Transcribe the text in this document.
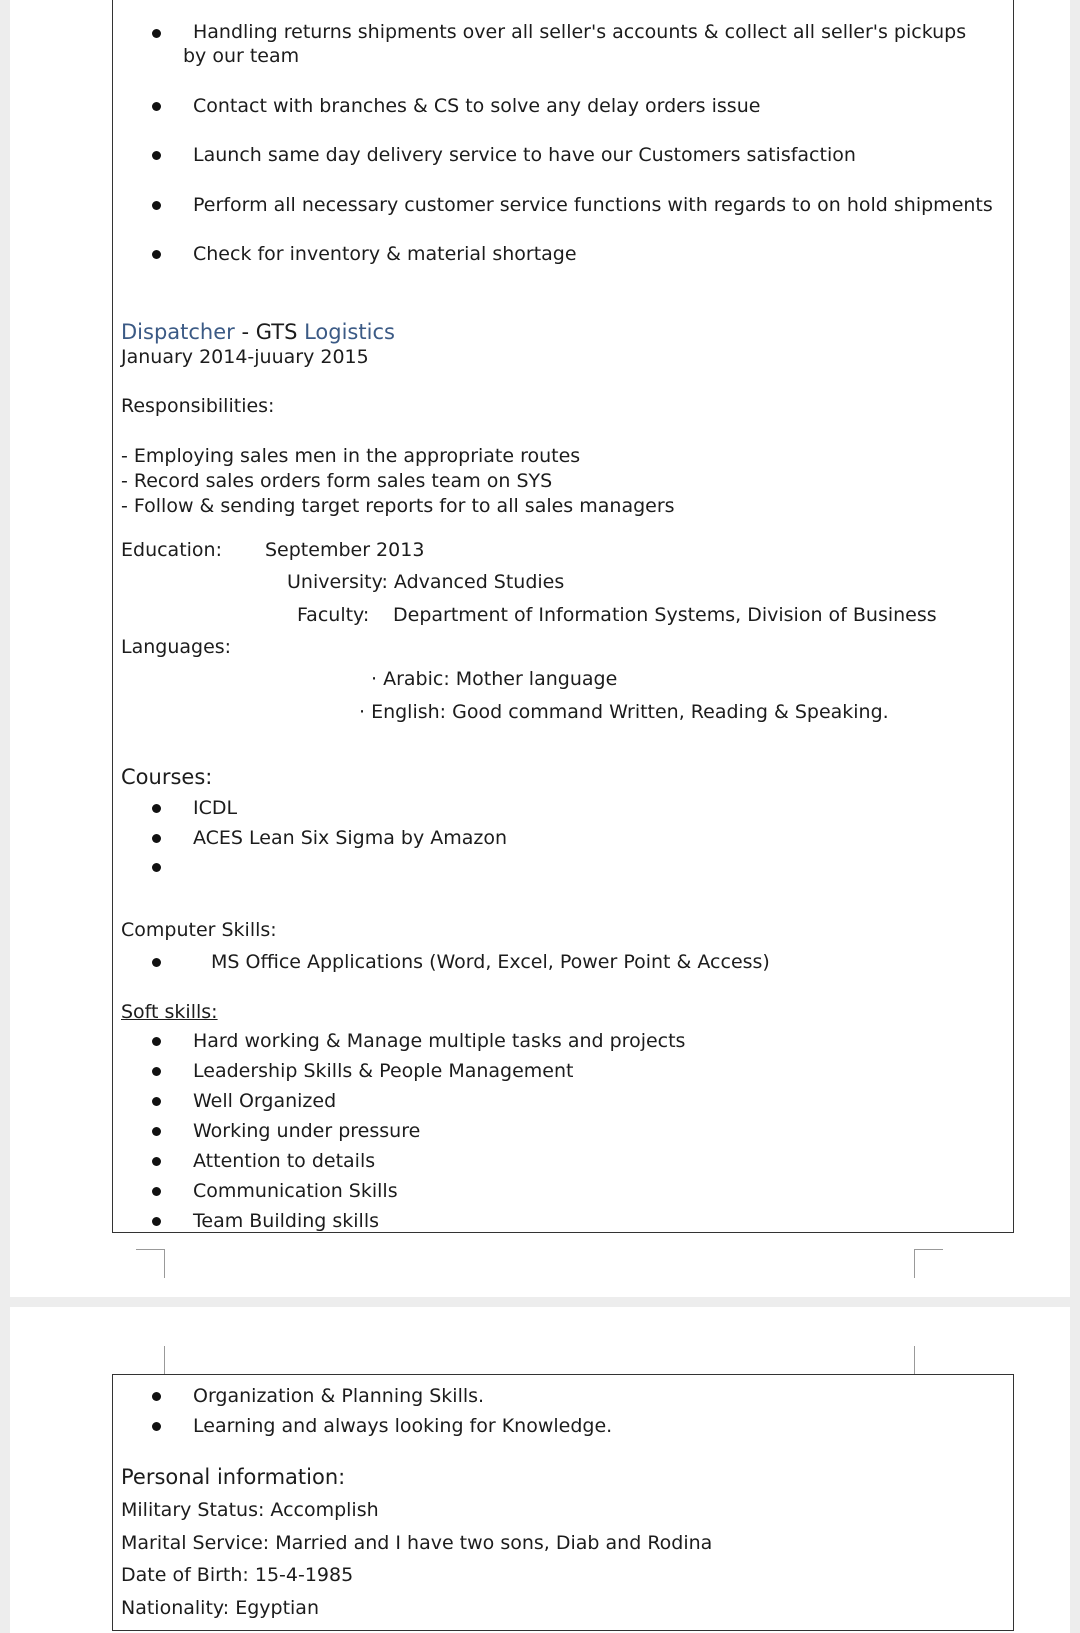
Handling returns shipments over all seller's accounts & collect all seller's pickups
by our team
Contact with branches & CS to solve any delay orders issue
Launch same day delivery service to have our Customers satisfaction
Perform all necessary customer service functions with regards to on hold shipments
Check for inventory & material shortage
Dispatcher - GTS Logistics
January 2014-juuary 2015
Responsibilities:
- Employing sales men in the appropriate routes
- Record sales orders form sales team on SYS
- Follow & sending target reports for to all sales managers
Education: September 2013
University: Advanced Studies
Faculty: Department of Information Systems, Division of Business
Languages:
· Arabic: Mother language
· English: Good command Written, Reading & Speaking.
Courses:
ICDL
ACES Lean Six Sigma by Amazon
Computer Skills:
MS Office Applications (Word, Excel, Power Point & Access)
Soft skills:
Hard working & Manage multiple tasks and projects
Leadership Skills & People Management
Well Organized
Working under pressure
Attention to details
Communication Skills
Team Building skills
Organization & Planning Skills.
Learning and always looking for Knowledge.
Personal information:
Military Status: Accomplish
Marital Service: Married and I have two sons, Diab and Rodina
Date of Birth: 15-4-1985
Nationality: Egyptian
